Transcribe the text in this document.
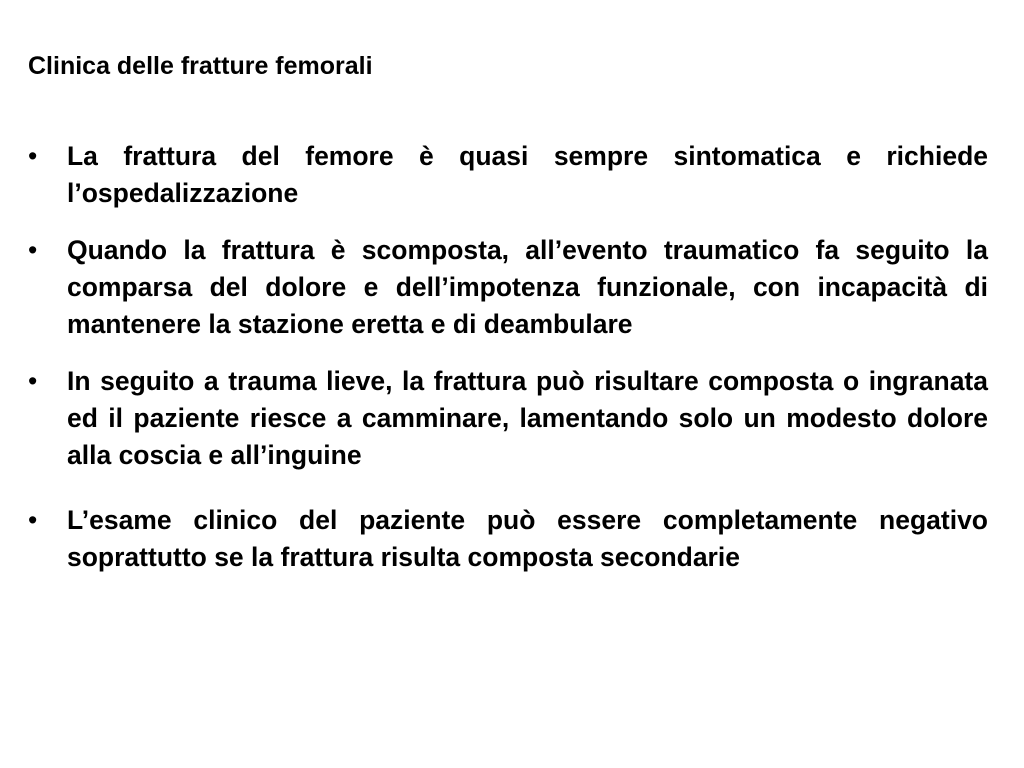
Clinica delle fratture femorali
•	La frattura del femore è quasi sempre sintomatica e richiede l’ospedalizzazione
•	Quando la frattura è scomposta, all’evento traumatico fa seguito la comparsa del dolore e dell’impotenza funzionale, con incapacità di mantenere la stazione eretta e di deambulare
•	In seguito a trauma lieve, la frattura può risultare composta o ingranata ed il paziente riesce a camminare, lamentando solo un modesto dolore alla coscia e all’inguine
•	L’esame clinico del paziente può essere completamente negativo soprattutto se la frattura risulta composta secondarie
